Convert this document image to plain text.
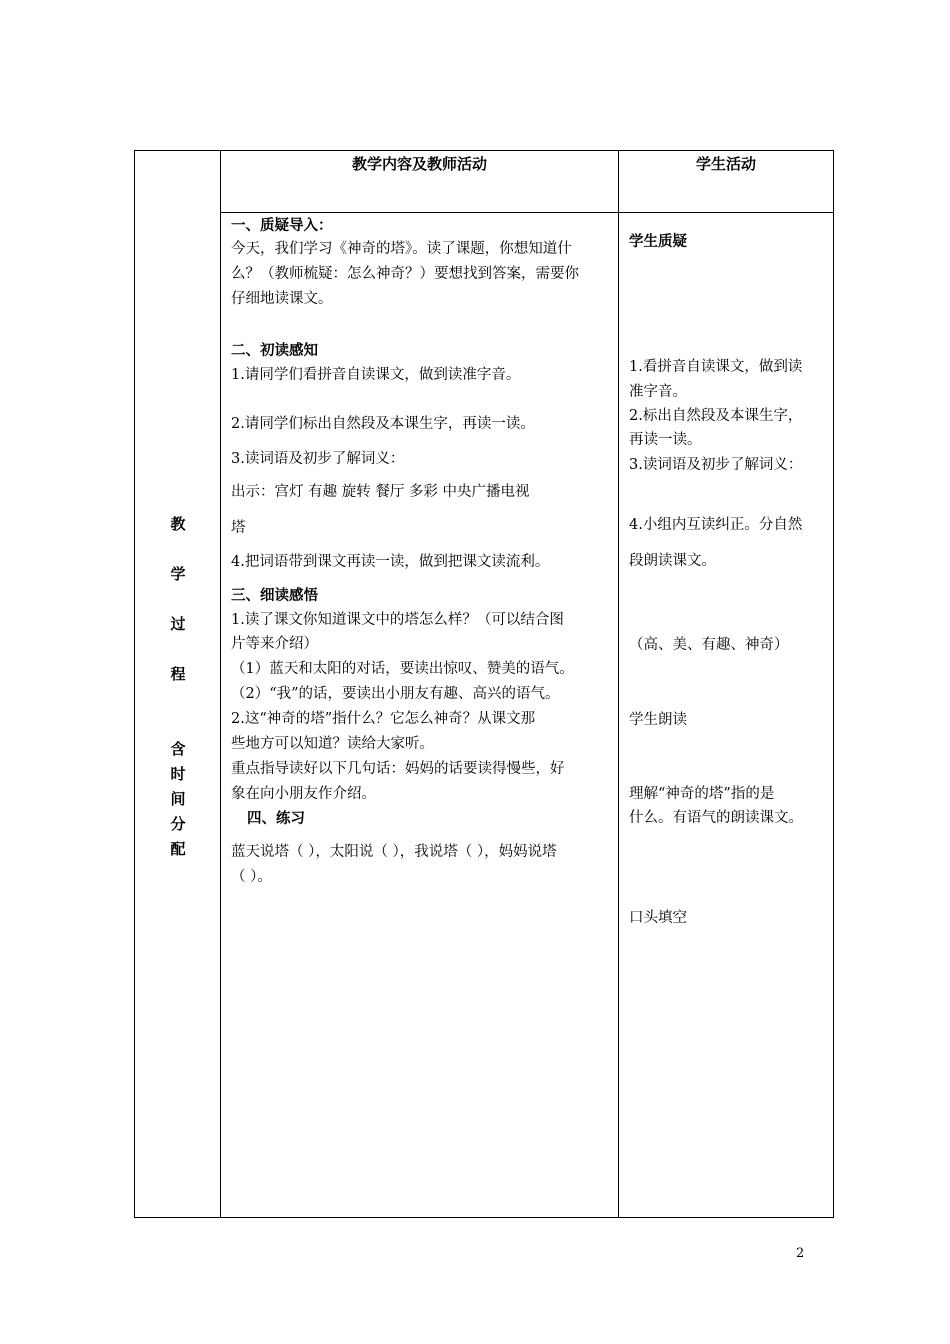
教学内容及教师活动	学生活动
教
学
过
程
含
时
间
分
配
一、质疑导入：
今天，我们学习《神奇的塔》。读了课题，你想知道什
么？（教师梳疑：怎么神奇？）要想找到答案，需要你
仔细地读课文。
二、初读感知
1.请同学们看拼音自读课文，做到读准字音。
2.请同学们标出自然段及本课生字，再读一读。
3.读词语及初步了解词义：
出示：宫灯 有趣 旋转 餐厅 多彩 中央广播电视
塔
4.把词语带到课文再读一读，做到把课文读流利。
三、细读感悟
1.读了课文你知道课文中的塔怎么样？（可以结合图
片等来介绍）
（1）蓝天和太阳的对话，要读出惊叹、赞美的语气。
（2）“我”的话，要读出小朋友有趣、高兴的语气。
2.这“神奇的塔”指什么？它怎么神奇？从课文那
些地方可以知道？读给大家听。
重点指导读好以下几句话：妈妈的话要读得慢些，好
象在向小朋友作介绍。
四、练习
蓝天说塔（ ），太阳说（ ），我说塔（ ），妈妈说塔
（ ）。
学生质疑
1.看拼音自读课文，做到读
准字音。
2.标出自然段及本课生字，
再读一读。
3.读词语及初步了解词义：
4.小组内互读纠正。分自然
段朗读课文。
（高、美、有趣、神奇）
学生朗读
理解“神奇的塔”指的是
什么。有语气的朗读课文。
口头填空
2
